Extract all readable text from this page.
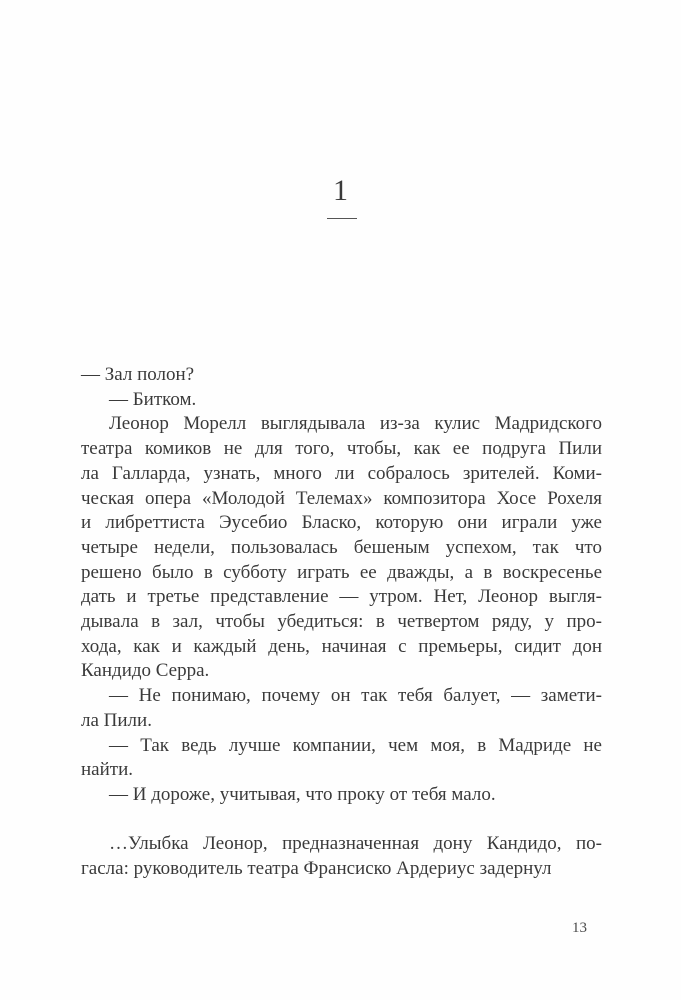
1
— Зал полон?
— Битком.
Леонор Морелл выглядывала из-за кулис Мадридского
театра комиков не для того, чтобы, как ее подруга Пили
ла Галларда, узнать, много ли собралось зрителей. Коми-
ческая опера «Молодой Телемах» композитора Хосе Рохеля
и либреттиста Эусебио Бласко, которую они играли уже
четыре недели, пользовалась бешеным успехом, так что
решено было в субботу играть ее дважды, а в воскресенье
дать и третье представление — утром. Нет, Леонор выгля-
дывала в зал, чтобы убедиться: в четвертом ряду, у про-
хода, как и каждый день, начиная с премьеры, сидит дон
Кандидо Серра.
— Не понимаю, почему он так тебя балует, — замети-
ла Пили.
— Так ведь лучше компании, чем моя, в Мадриде не
найти.
— И дороже, учитывая, что проку от тебя мало.
…Улыбка Леонор, предназначенная дону Кандидо, по-
гасла: руководитель театра Франсиско Ардериус задернул
13
